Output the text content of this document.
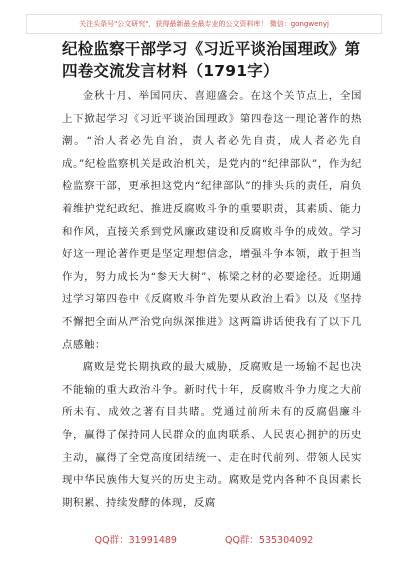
关注头条号"公文研究"，获得最新最全最专业的公文资料库！ 微信：gongwenyj
纪检监察干部学习《习近平谈治国理政》第四卷交流发言材料（1791字）

金秋十月、举国同庆、喜迎盛会。在这个关节点上，全国上下掀起学习《习近平谈治国理政》第四卷这一理论著作的热潮。“治人者必先自治，责人者必先自责，成人者必先自成。”纪检监察机关是政治机关，是党内的“纪律部队”，作为纪检监察干部，更承担这党内“纪律部队”的排头兵的责任，肩负着维护党纪政纪、推进反腐败斗争的重要职责，其素质、能力和作风，直接关系到党风廉政建设和反腐败斗争的成效。学习好这一理论著作更是坚定理想信念，增强斗争本领，敢于担当作为，努力成长为“参天大树”、栋梁之材的必要途径。近期通过学习第四卷中《反腐败斗争首先要从政治上看》以及《坚持不懈把全面从严治党向纵深推进》这两篇讲话使我有了以下几点感触：

腐败是党长期执政的最大威胁，反腐败是一场输不起也决不能输的重大政治斗争。新时代十年，反腐败斗争力度之大前所未有、成效之著有目共睹。党通过前所未有的反腐倡廉斗争，赢得了保持同人民群众的血肉联系、人民衷心拥护的历史主动，赢得了全党高度团结统一、走在时代前列、带领人民实现中华民族伟大复兴的历史主动。腐败是党内各种不良因素长期积累、持续发酵的体现，反腐

QQ群：31991489	QQ群：535304092
